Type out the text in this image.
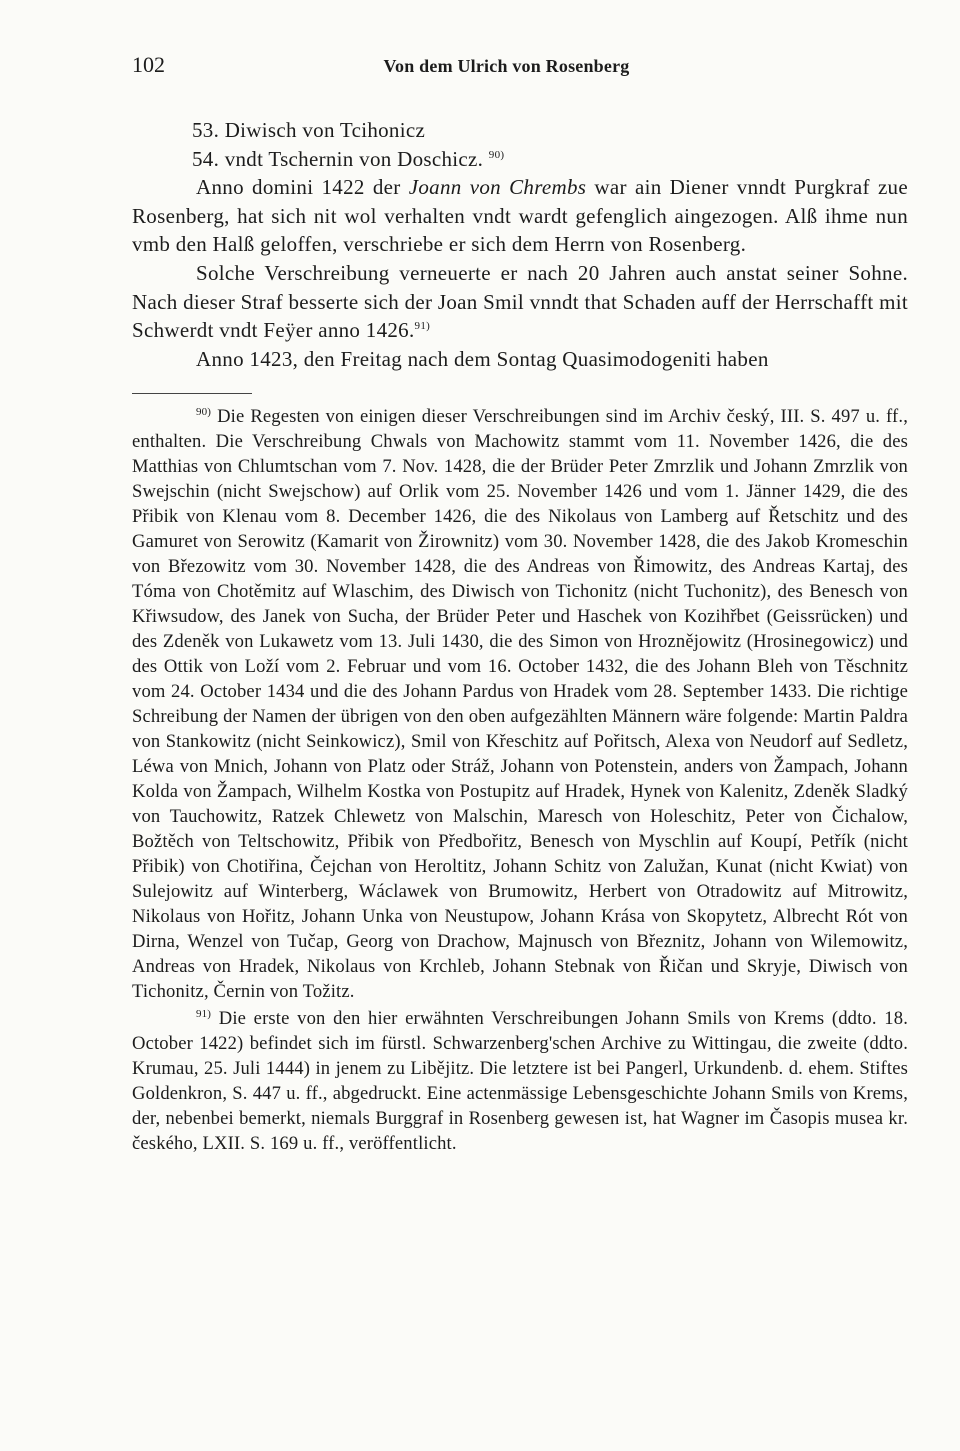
102	Von dem Ulrich von Rosenberg
53. Diwisch von Tcihonicz
54. vndt Tschernin von Doschicz. $^{90)}$

Anno domini 1422 der Joann von Chrembs war ain Diener vnndt Purgkraf zue Rosenberg, hat sich nit wol verhalten vndt wardt gefenglich aingezogen. Alß ihme nun vmb den Halß geloffen, verschriebe er sich dem Herrn von Rosenberg.

Solche Verschreibung verneuerte er nach 20 Jahren auch anstat seiner Sohne. Nach dieser Straf besserte sich der Joan Smil vnndt that Schaden auff der Herrschafft mit Schwerdt vndt Feÿer anno 1426.$^{91)}$

Anno 1423, den Freitag nach dem Sontag Quasimodogeniti haben

$^{90)}$ Die Regesten von einigen dieser Verschreibungen sind im Archiv český, III. S. 497 u. ff., enthalten. Die Verschreibung Chwals von Machowitz stammt vom 11. November 1426, die des Matthias von Chlumtschan vom 7. Nov. 1428, die der Brüder Peter Zmrzlik und Johann Zmrzlik von Swejschin (nicht Swejschow) auf Orlik vom 25. November 1426 und vom 1. Jänner 1429, die des Přibik von Klenau vom 8. December 1426, die des Nikolaus von Lamberg auf Řetschitz und des Gamuret von Serowitz (Kamarit von Žirownitz) vom 30. November 1428, die des Jakob Kromeschin von Březowitz vom 30. November 1428, die des Andreas von Řimowitz, des Andreas Kartaj, des Tóma von Chotěmitz auf Wlaschim, des Diwisch von Tichonitz (nicht Tuchonitz), des Benesch von Křiwsudow, des Janek von Sucha, der Brüder Peter und Haschek von Kozihřbet (Geissrücken) und des Zdeněk von Lukawetz vom 13. Juli 1430, die des Simon von Hroznějowitz (Hrosinegowicz) und des Ottik von Loží vom 2. Februar und vom 16. October 1432, die des Johann Bleh von Těschnitz vom 24. October 1434 und die des Johann Pardus von Hradek vom 28. September 1433. Die richtige Schreibung der Namen der übrigen von den oben aufgezählten Männern wäre folgende: Martin Paldra von Stankowitz (nicht Seinkowicz), Smil von Křeschitz auf Pořitsch, Alexa von Neudorf auf Sedletz, Léwa von Mnich, Johann von Platz oder Stráž, Johann von Potenstein, anders von Žampach, Johann Kolda von Žampach, Wilhelm Kostka von Postupitz auf Hradek, Hynek von Kalenitz, Zdeněk Sladký von Tauchowitz, Ratzek Chlewetz von Malschin, Maresch von Holeschitz, Peter von Čichalow, Božtěch von Teltschowitz, Přibik von Předbořitz, Benesch von Myschlin auf Koupí, Petřík (nicht Přibik) von Chotiřina, Čejchan von Heroltitz, Johann Schitz von Zalužan, Kunat (nicht Kwiat) von Sulejowitz auf Winterberg, Wáclawek von Brumowitz, Herbert von Otradowitz auf Mitrowitz, Nikolaus von Hořitz, Johann Unka von Neustupow, Johann Krása von Skopytetz, Albrecht Rót von Dirna, Wenzel von Tučap, Georg von Drachow, Majnusch von Březnitz, Johann von Wilemowitz, Andreas von Hradek, Nikolaus von Krchleb, Johann Stebnak von Řičan und Skryje, Diwisch von Tichonitz, Černin von Tožitz.

$^{91)}$ Die erste von den hier erwähnten Verschreibungen Johann Smils von Krems (ddto. 18. October 1422) befindet sich im fürstl. Schwarzenberg'schen Archive zu Wittingau, die zweite (ddto. Krumau, 25. Juli 1444) in jenem zu Libějitz. Die letztere ist bei Pangerl, Urkundenb. d. ehem. Stiftes Goldenkron, S. 447 u. ff., abgedruckt. Eine actenmässige Lebensgeschichte Johann Smils von Krems, der, nebenbei bemerkt, niemals Burggraf in Rosenberg gewesen ist, hat Wagner im Časopis musea kr. českého, LXII. S. 169 u. ff., veröffentlicht.
